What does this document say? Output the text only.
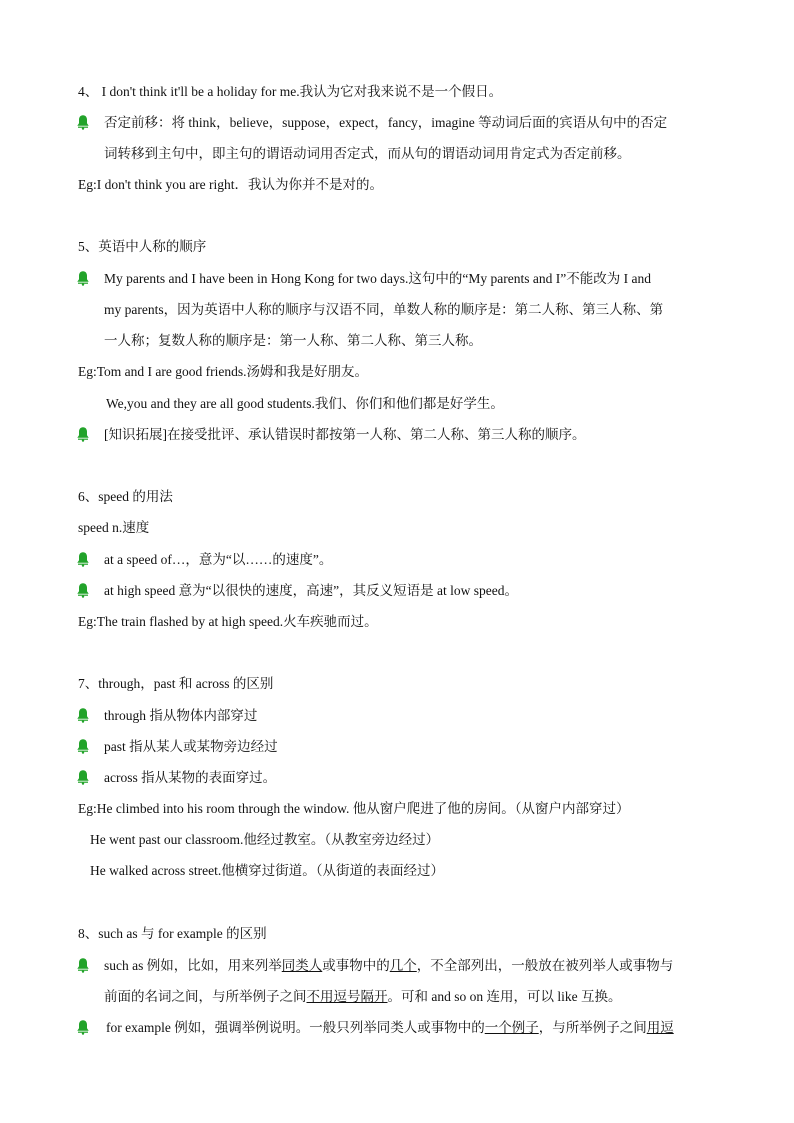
4、 I don't think it'll be a holiday for me.我认为它对我来说不是一个假日。
否定前移：将 think，believe，suppose，expect，fancy，imagine 等动词后面的宾语从句中的否定
词转移到主句中，即主句的谓语动词用否定式，而从句的谓语动词用肯定式为否定前移。
Eg:I don't think you are right．我认为你并不是对的。
5、英语中人称的顺序
My parents and I have been in Hong Kong for two days.这句中的“My parents and I”不能改为 I and
my parents，因为英语中人称的顺序与汉语不同，单数人称的顺序是：第二人称、第三人称、第
一人称；复数人称的顺序是：第一人称、第二人称、第三人称。
Eg:Tom and I are good friends.汤姆和我是好朋友。
We,you and they are all good students.我们、你们和他们都是好学生。
[知识拓展]在接受批评、承认错误时都按第一人称、第二人称、第三人称的顺序。
6、speed 的用法
speed n.速度
at a speed of…，意为“以……的速度”。
at high speed 意为“以很快的速度，高速”，其反义短语是 at low speed。
Eg:The train flashed by at high speed.火车疾驰而过。
7、through，past 和 across 的区别
through 指从物体内部穿过
past 指从某人或某物旁边经过
across 指从某物的表面穿过。
Eg:He climbed into his room through the window. 他从窗户爬进了他的房间。（从窗户内部穿过）
He went past our classroom.他经过教室。（从教室旁边经过）
He walked across street.他横穿过街道。（从街道的表面经过）
8、such as 与 for example 的区别
such as 例如，比如，用来列举同类人或事物中的几个，不全部列出，一般放在被列举人或事物与
前面的名词之间，与所举例子之间不用逗号隔开。可和 and so on 连用，可以 like 互换。
for example 例如，强调举例说明。一般只列举同类人或事物中的一个例子，与所举例子之间用逗
